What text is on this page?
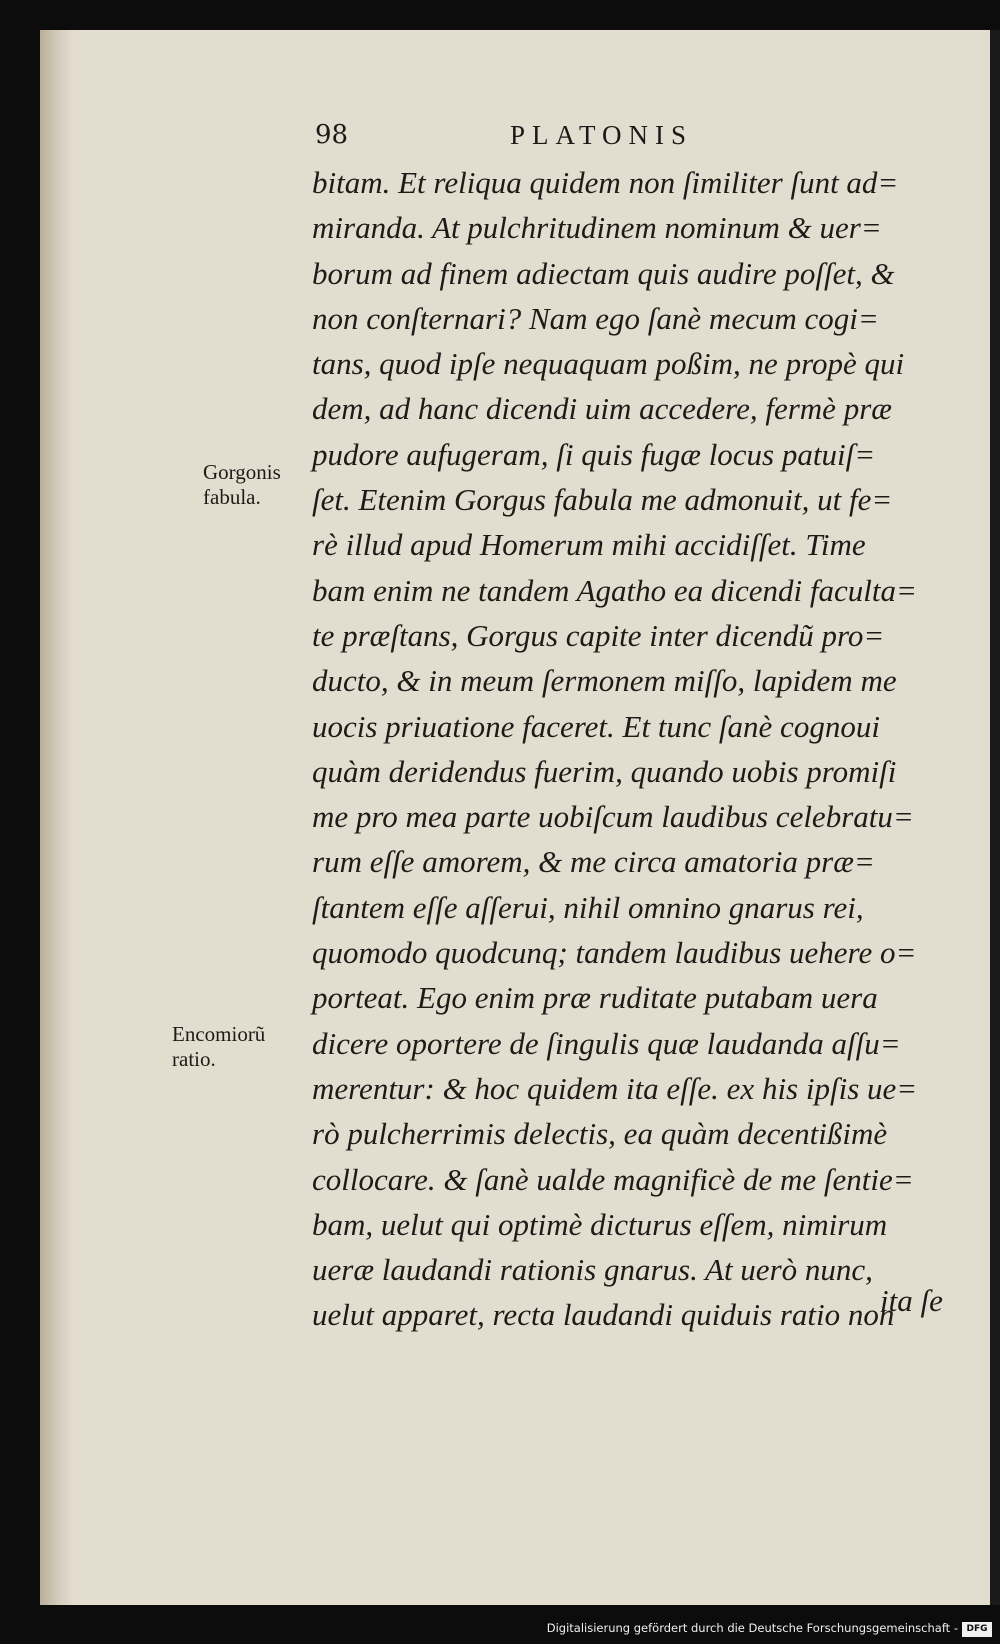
98	PLATONIS
Gorgonis
fabula.
Encomiorũ
ratio.
bitam. Et reliqua quidem non ſimiliter ſunt ad=
miranda. At pulchritudinem nominum & uer=
borum ad finem adiectam quis audire poſſet, &
non conſternari? Nam ego ſanè mecum cogi=
tans, quod ipſe nequaquam poßim, ne propè qui
dem, ad hanc dicendi uim accedere, fermè præ
pudore aufugeram, ſi quis fugæ locus patuiſ=
ſet. Etenim Gorgus fabula me admonuit, ut fe=
rè illud apud Homerum mihi accidiſſet. Time
bam enim ne tandem Agatho ea dicendi faculta=
te præſtans, Gorgus capite inter dicendũ pro=
ducto, & in meum ſermonem miſſo, lapidem me
uocis priuatione faceret. Et tunc ſanè cognoui
quàm deridendus fuerim, quando uobis promiſi
me pro mea parte uobiſcum laudibus celebratu=
rum eſſe amorem, & me circa amatoria præ=
ſtantem eſſe aſſerui, nihil omnino gnarus rei,
quomodo quodcunq; tandem laudibus uehere o=
porteat. Ego enim præ ruditate putabam uera
dicere oportere de ſingulis quæ laudanda aſſu=
merentur: & hoc quidem ita eſſe. ex his ipſis ue=
rò pulcherrimis delectis, ea quàm decentißimè
collocare. & ſanè ualde magnificè de me ſentie=
bam, uelut qui optimè dicturus eſſem, nimirum
ueræ laudandi rationis gnarus. At uerò nunc,
uelut apparet, recta laudandi quiduis ratio non
ita ſe
Digitalisierung gefördert durch die Deutsche Forschungsgemeinschaft - DFG
